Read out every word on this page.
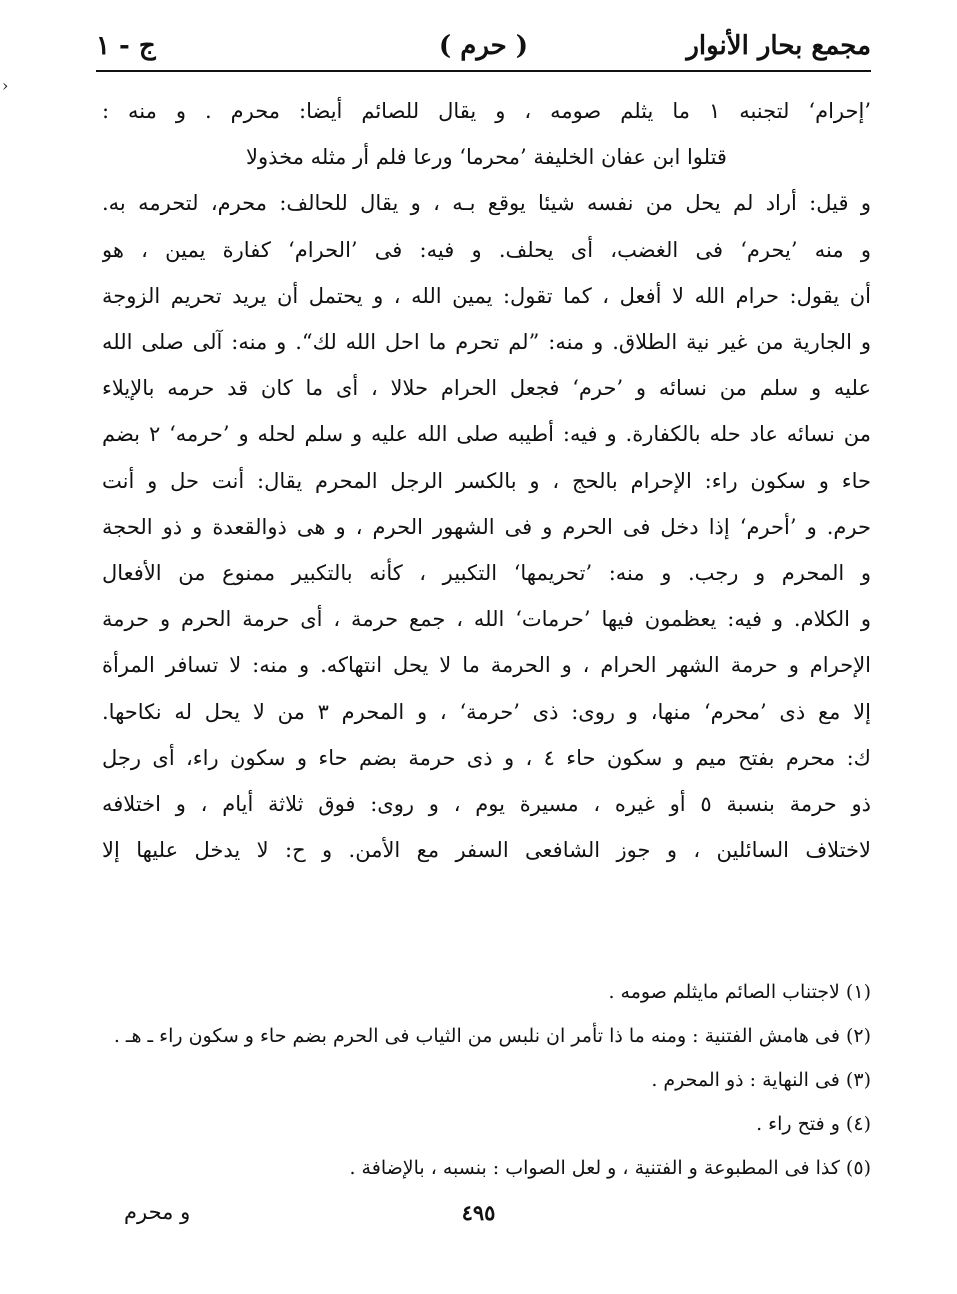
مجمع بحار الأنوار
( حرم )
ج - ١
‹
’إحرام‘ لتجنبه ١ ما يثلم صومه ، و يقال للصائم أيضا: محرم . و منه :
قتلوا ابن عفان الخليفة ’محرما‘ ورعا فلم أر مثله مخذولا
و قيل: أراد لم يحل من نفسه شيئا يوقع بـه ، و يقال للحالف: محرم، لتحرمه به.
و منه ’يحرم‘ فى الغضب، أى يحلف. و فيه: فى ’الحرام‘ كفارة يمين ، هو
أن يقول: حرام الله لا أفعل ، كما تقول: يمين الله ، و يحتمل أن يريد تحريم الزوجة
و الجارية من غير نية الطلاق. و منه: ”لم تحرم ما احل الله لك“. و منه: آلى صلى الله
عليه و سلم من نسائه و ’حرم‘ فجعل الحرام حلالا ، أى ما كان قد حرمه بالإيلاء
من نسائه عاد حله بالكفارة. و فيه: أطيبه صلى الله عليه و سلم لحله و ’حرمه‘ ٢ بضم
حاء و سكون راء: الإحرام بالحج ، و بالكسر الرجل المحرم يقال: أنت حل و أنت
حرم. و ’أحرم‘ إذا دخل فى الحرم و فى الشهور الحرم ، و هى ذوالقعدة و ذو الحجة
و المحرم و رجب. و منه: ’تحريمها‘ التكبير ، كأنه بالتكبير ممنوع من الأفعال
و الكلام. و فيه: يعظمون فيها ’حرمات‘ الله ، جمع حرمة ، أى حرمة الحرم و حرمة
الإحرام و حرمة الشهر الحرام ، و الحرمة ما لا يحل انتهاكه. و منه: لا تسافر المرأة
إلا مع ذى ’محرم‘ منها، و روى: ذى ’حرمة‘ ، و المحرم ٣ من لا يحل له نكاحها.
ك: محرم بفتح ميم و سكون حاء ٤ ، و ذى حرمة بضم حاء و سكون راء، أى رجل
ذو حرمة بنسبة ٥ أو غيره ، مسيرة يوم ، و روى: فوق ثلاثة أيام ، و اختلافه
لاختلاف السائلين ، و جوز الشافعى السفر مع الأمن. و ح: لا يدخل عليها إلا
(١) لاجتناب الصائم مايثلم صومه .
(٢) فى هامش الفتنية : ومنه ما ذا تأمر ان نلبس من الثياب فى الحرم بضم حاء و سكون راء ـ هـ .
(٣) فى النهاية : ذو المحرم .
(٤) و فتح راء .
(٥) كذا فى المطبوعة و الفتنية ، و لعل الصواب : بنسبه ، بالإضافة .
٤٩٥
و محرم
